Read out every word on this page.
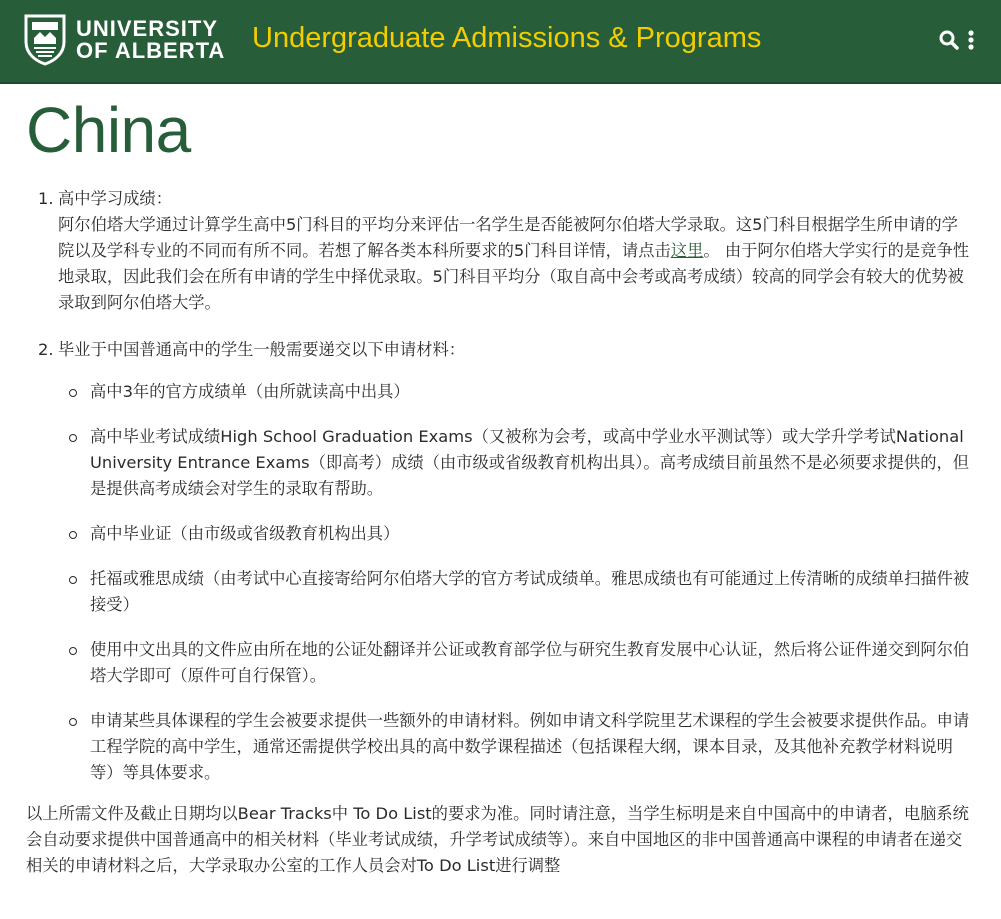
UNIVERSITY
OF ALBERTA Undergraduate Admissions & Programs
China
1. 高中学习成绩：
阿尔伯塔大学通过计算学生高中5门科目的平均分来评估一名学生是否能被阿尔伯塔大学录取。这5门科目根据学生所申请的学院以及学科专业的不同而有所不同。若想了解各类本科所要求的5门科目详情，请点击这里。 由于阿尔伯塔大学实行的是竞争性地录取，因此我们会在所有申请的学生中择优录取。5门科目平均分（取自高中会考或高考成绩）较高的同学会有较大的优势被录取到阿尔伯塔大学。
2. 毕业于中国普通高中的学生一般需要递交以下申请材料：
高中3年的官方成绩单（由所就读高中出具）
高中毕业考试成绩High School Graduation Exams（又被称为会考，或高中学业水平测试等）或大学升学考试National University Entrance Exams（即高考）成绩（由市级或省级教育机构出具）。高考成绩目前虽然不是必须要求提供的，但是提供高考成绩会对学生的录取有帮助。
高中毕业证（由市级或省级教育机构出具）
托福或雅思成绩（由考试中心直接寄给阿尔伯塔大学的官方考试成绩单。雅思成绩也有可能通过上传清晰的成绩单扫描件被接受）
使用中文出具的文件应由所在地的公证处翻译并公证或教育部学位与研究生教育发展中心认证，然后将公证件递交到阿尔伯塔大学即可（原件可自行保管）。
申请某些具体课程的学生会被要求提供一些额外的申请材料。例如申请文科学院里艺术课程的学生会被要求提供作品。申请工程学院的高中学生，通常还需提供学校出具的高中数学课程描述（包括课程大纲，课本目录，及其他补充教学材料说明等）等具体要求。
以上所需文件及截止日期均以Bear Tracks中 To Do List的要求为准。同时请注意，当学生标明是来自中国高中的申请者，电脑系统会自动要求提供中国普通高中的相关材料（毕业考试成绩，升学考试成绩等）。来自中国地区的非中国普通高中课程的申请者在递交相关的申请材料之后，大学录取办公室的工作人员会对To Do List进行调整
